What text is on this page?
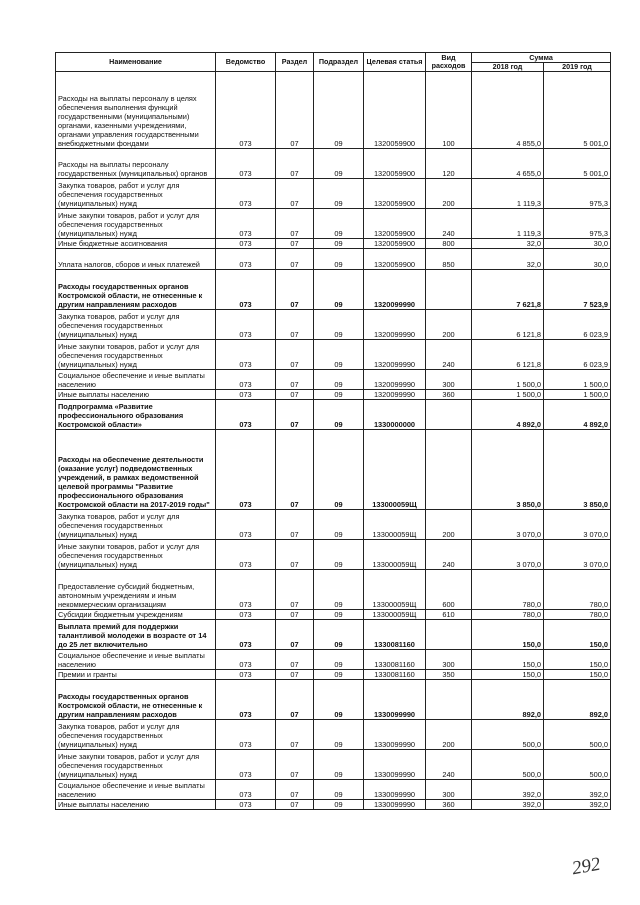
Наименование	Ведомство	Раздел	Подраздел	Целевая статья	Вид расходов	Сумма	
						2018 год	2019 год
Расходы на выплаты персоналу в целях обеспечения выполнения функций государственными (муниципальными) органами, казенными учреждениями, органами управления государственными внебюджетными фондами	073	07	09	1320059900	100	4 855,0	5 001,0
Расходы на выплаты персоналу государственных (муниципальных) органов	073	07	09	1320059900	120	4 655,0	5 001,0
Закупка товаров, работ и услуг для обеспечения государственных (муниципальных) нужд	073	07	09	1320059900	200	1 119,3	975,3
Иные закупки товаров, работ и услуг для обеспечения государственных (муниципальных) нужд	073	07	09	1320059900	240	1 119,3	975,3
Иные бюджетные ассигнования	073	07	09	1320059900	800	32,0	30,0
Уплата налогов, сборов и иных платежей	073	07	09	1320059900	850	32,0	30,0
Расходы государственных органов Костромской области, не отнесенные к другим направлениям расходов	073	07	09	1320099990		7 621,8	7 523,9
Закупка товаров, работ и услуг для обеспечения государственных (муниципальных) нужд	073	07	09	1320099990	200	6 121,8	6 023,9
Иные закупки товаров, работ и услуг для обеспечения государственных (муниципальных) нужд	073	07	09	1320099990	240	6 121,8	6 023,9
Социальное обеспечение и иные выплаты населению	073	07	09	1320099990	300	1 500,0	1 500,0
Иные выплаты населению	073	07	09	1320099990	360	1 500,0	1 500,0
Подпрограмма «Развитие профессионального образования Костромской области»	073	07	09	1330000000		4 892,0	4 892,0
Расходы на обеспечение деятельности (оказание услуг) подведомственных учреждений, в рамках ведомственной целевой программы "Развитие профессионального образования Костромской области на 2017-2019 годы"	073	07	09	133000059Щ		3 850,0	3 850,0
Закупка товаров, работ и услуг для обеспечения государственных (муниципальных) нужд	073	07	09	133000059Щ	200	3 070,0	3 070,0
Иные закупки товаров, работ и услуг для обеспечения государственных (муниципальных) нужд	073	07	09	133000059Щ	240	3 070,0	3 070,0
Предоставление субсидий бюджетным, автономным учреждениям и иным некоммерческим организациям	073	07	09	133000059Щ	600	780,0	780,0
Субсидии бюджетным учреждениям	073	07	09	133000059Щ	610	780,0	780,0
Выплата премий для поддержки талантливой молодежи в возрасте от 14 до 25 лет включительно	073	07	09	1330081160		150,0	150,0
Социальное обеспечение и иные выплаты населению	073	07	09	1330081160	300	150,0	150,0
Премии и гранты	073	07	09	1330081160	350	150,0	150,0
Расходы государственных органов Костромской области, не отнесенные к другим направлениям расходов	073	07	09	1330099990		892,0	892,0
Закупка товаров, работ и услуг для обеспечения государственных (муниципальных) нужд	073	07	09	1330099990	200	500,0	500,0
Иные закупки товаров, работ и услуг для обеспечения государственных (муниципальных) нужд	073	07	09	1330099990	240	500,0	500,0
Социальное обеспечение и иные выплаты населению	073	07	09	1330099990	300	392,0	392,0
Иные выплаты населению	073	07	09	1330099990	360	392,0	392,0
292
